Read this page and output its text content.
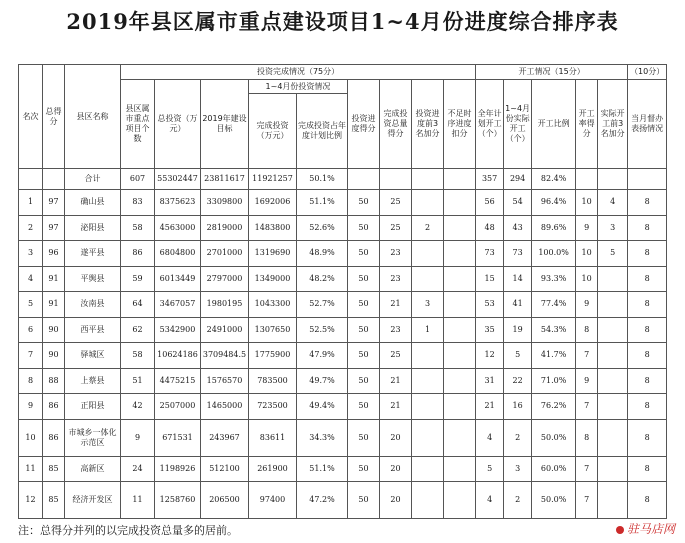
2019年县区属市重点建设项目1~4月份进度综合排序表
名次	总得分	县区名称	投资完成情况（75分）									开工情况（15分）					（10分）
			县区属市重点项目个数	总投资（万元）	2019年建设目标	1~4月份投资情况		投资进度得分	完成投资总量得分	投资进度前3名加分	不足时序进度扣分	全年计划开工（个）	1~4月份实际开工（个）	开工比例	开工率得分	实际开工前3名加分	当月督办表扬情况
						完成投资（万元）	完成投资占年度计划比例										
		合计	607	55302447	23811617	11921257	50.1%					357	294	82.4%			
1	97	确山县	83	8375623	3309800	1692006	51.1%	50	25			56	54	96.4%	10	4	8
2	97	泌阳县	58	4563000	2819000	1483800	52.6%	50	25	2		48	43	89.6%	9	3	8
3	96	遂平县	86	6804800	2701000	1319690	48.9%	50	23			73	73	100.0%	10	5	8
4	91	平舆县	59	6013449	2797000	1349000	48.2%	50	23			15	14	93.3%	10		8
5	91	汝南县	64	3467057	1980195	1043300	52.7%	50	21	3		53	41	77.4%	9		8
6	90	西平县	62	5342900	2491000	1307650	52.5%	50	23	1		35	19	54.3%	8		8
7	90	驿城区	58	10624186	3709484.5	1775900	47.9%	50	25			12	5	41.7%	7		8
8	88	上蔡县	51	4475215	1576570	783500	49.7%	50	21			31	22	71.0%	9		8
9	86	正阳县	42	2507000	1465000	723500	49.4%	50	21			21	16	76.2%	7		8
10	86	市城乡一体化示范区	9	671531	243967	83611	34.3%	50	20			4	2	50.0%	8		8
11	85	高新区	24	1198926	512100	261900	51.1%	50	20			5	3	60.0%	7		8
12	85	经济开发区	11	1258760	206500	97400	47.2%	50	20			4	2	50.0%	7		8
注：总得分并列的以完成投资总量多的居前。	驻马店网
